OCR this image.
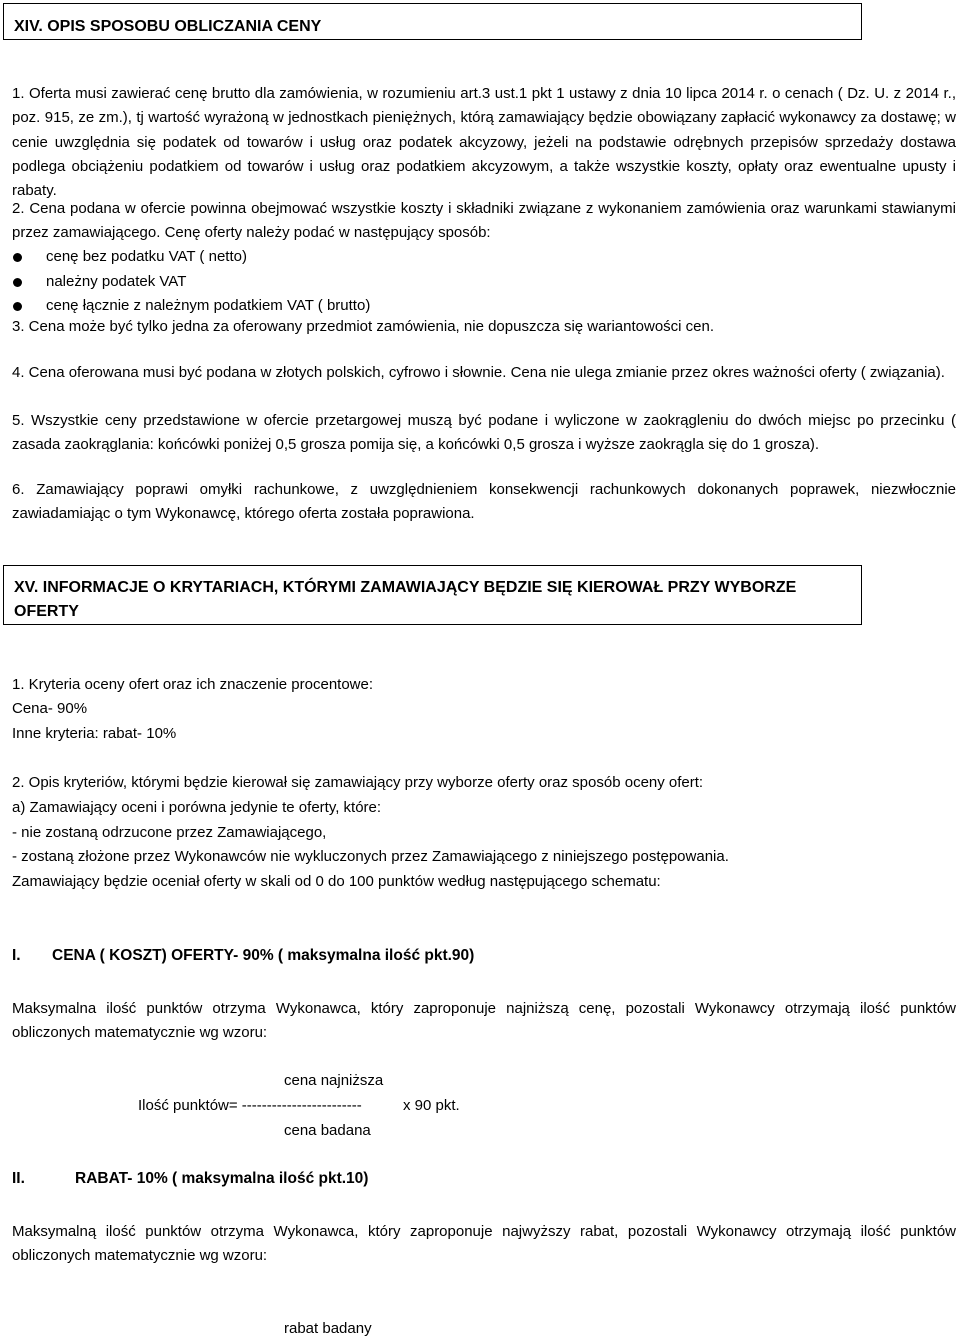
XIV. OPIS SPOSOBU OBLICZANIA CENY
1. Oferta musi zawierać cenę brutto dla zamówienia, w rozumieniu art.3 ust.1 pkt 1 ustawy z dnia 10 lipca 2014 r. o cenach ( Dz. U. z 2014 r., poz. 915, ze zm.), tj wartość wyrażoną w jednostkach pieniężnych, którą zamawiający będzie obowiązany zapłacić wykonawcy za dostawę; w cenie uwzględnia się podatek od towarów i usług oraz podatek akcyzowy, jeżeli na podstawie odrębnych przepisów sprzedaży dostawa podlega obciążeniu podatkiem od towarów i usług oraz podatkiem akcyzowym, a także wszystkie koszty, opłaty oraz ewentualne upusty i rabaty.
2. Cena podana w ofercie powinna obejmować wszystkie koszty i składniki związane z wykonaniem zamówienia oraz warunkami stawianymi przez zamawiającego. Cenę oferty należy podać w następujący sposób:
cenę bez podatku VAT ( netto)
należny podatek VAT
cenę łącznie z należnym podatkiem VAT ( brutto)
3. Cena może być tylko jedna za oferowany przedmiot zamówienia, nie dopuszcza się wariantowości cen.
4. Cena oferowana musi być podana w złotych polskich, cyfrowo i słownie. Cena nie ulega zmianie przez okres ważności oferty ( związania).
5. Wszystkie ceny przedstawione w ofercie przetargowej muszą być podane i wyliczone w zaokrągleniu do dwóch miejsc po przecinku ( zasada zaokrąglania: końcówki poniżej 0,5 grosza pomija się, a końcówki 0,5 grosza i wyższe zaokrągla się do 1 grosza).
6. Zamawiający poprawi omyłki rachunkowe, z uwzględnieniem konsekwencji rachunkowych dokonanych poprawek, niezwłocznie zawiadamiając o tym Wykonawcę, którego oferta została poprawiona.
XV. INFORMACJE O KRYTARIACH, KTÓRYMI ZAMAWIAJĄCY BĘDZIE SIĘ KIEROWAŁ PRZY WYBORZE OFERTY
1. Kryteria oceny ofert oraz ich znaczenie procentowe:
Cena- 90%
Inne kryteria: rabat- 10%
2. Opis kryteriów, którymi będzie kierował się zamawiający przy wyborze oferty oraz sposób oceny ofert:
a) Zamawiający oceni i porówna jedynie te oferty, które:
- nie zostaną odrzucone przez Zamawiającego,
- zostaną złożone przez Wykonawców nie wykluczonych przez Zamawiającego z niniejszego postępowania.
Zamawiający będzie oceniał oferty w skali od 0 do 100 punktów według następującego schematu:
I. CENA ( KOSZT) OFERTY- 90% ( maksymalna ilość pkt.90)
Maksymalna ilość punktów otrzyma Wykonawca, który zaproponuje najniższą cenę, pozostali Wykonawcy otrzymają ilość punktów obliczonych matematycznie wg wzoru:
cena najniższa
Ilość punktów= ------------------------	x 90 pkt.
cena badana
II.	RABAT- 10% ( maksymalna ilość pkt.10)
Maksymalną ilość punktów otrzyma Wykonawca, który zaproponuje najwyższy rabat, pozostali Wykonawcy otrzymają ilość punktów obliczonych matematycznie wg wzoru:
rabat badany
